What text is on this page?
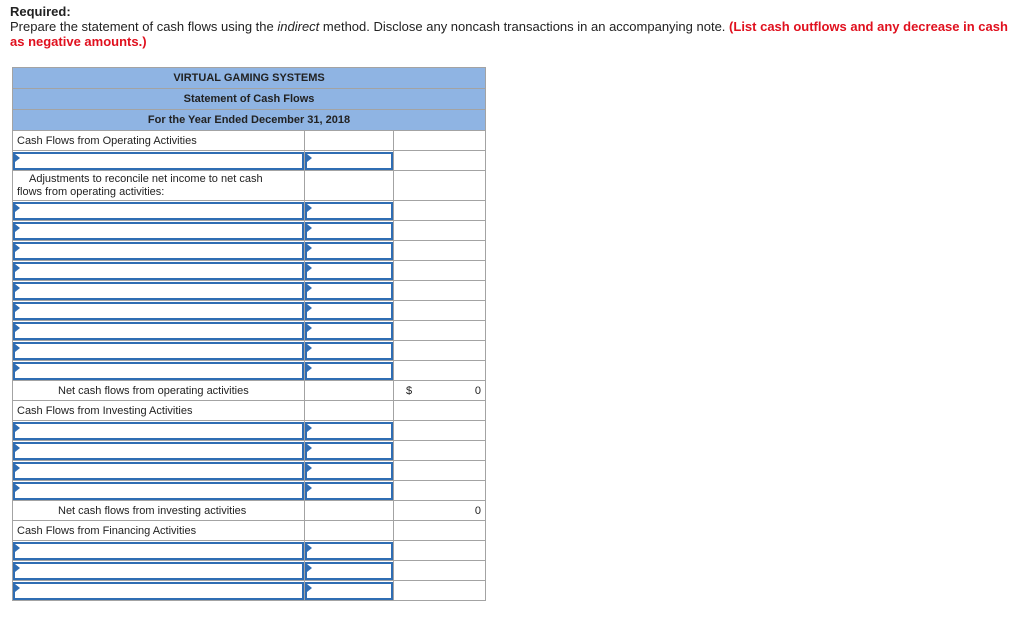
Required:
Prepare the statement of cash flows using the indirect method. Disclose any noncash transactions in an accompanying note. (List cash outflows and any decrease in cash as negative amounts.)
VIRTUAL GAMING SYSTEMS		
Statement of Cash Flows		
For the Year Ended December 31, 2018		
Cash Flows from Operating Activities		

Adjustments to reconcile net income to net cash
flows from operating activities:		

Net cash flows from operating activities		$ 0

Cash Flows from Investing Activities		

Net cash flows from investing activities		0
Cash Flows from Financing Activities		
